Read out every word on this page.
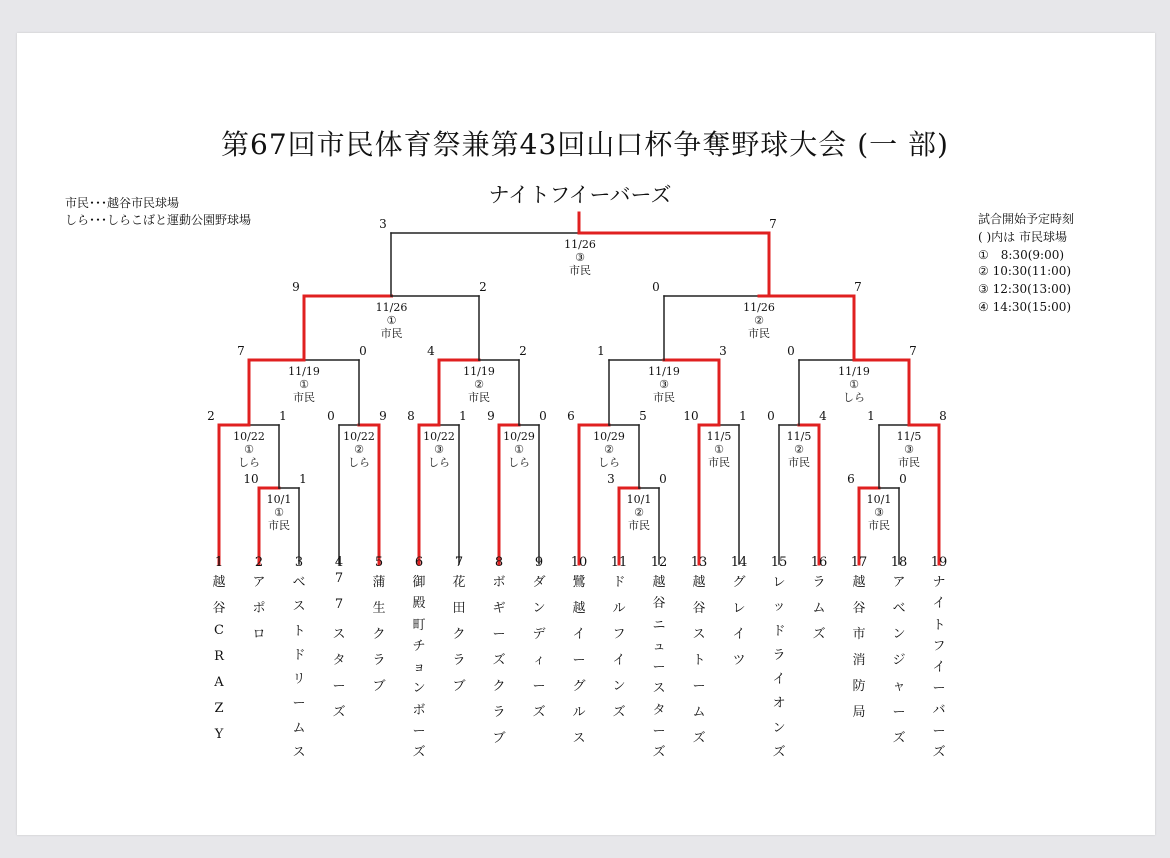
第67回市民体育祭兼第43回山口杯争奪野球大会 (一 部)
ナイトフイーバーズ
市民･･･越谷市民球場
しら･･･しらこばと運動公園野球場	試合開始予定時刻
( )内は 市民球場
①　8:30(9:00)
② 10:30(11:00)
③ 12:30(13:00)
④ 14:30(15:00)
10	1
10/1
①
市民
3	0
10/1
②
市民
6	0
10/1
③
市民
2	1
10/22
①
しら
0	9
10/22
②
しら
8	1
10/22
③
しら
9	0
10/29
①
しら
6	5
10/29
②
しら
10	1
11/5
①
市民
0	4
11/5
②
市民
1	8
11/5
③
市民
7	0
11/19
①
市民
4	2
11/19
②
市民
1	3
11/19
③
市民
0	7
11/19
①
しら
9	2
11/26
①
市民
0	7
11/26
②
市民
3	7
11/26
③
市民
1
越
谷
C
R
A
Z
Y
2
ア
ポ
ロ
3
ベ
ス
ト
ド
リ
ー
ム
ス
4
7
7
ス
タ
ー
ズ
5
蒲
生
ク
ラ
ブ
6
御
殿
町
チ
ョ
ン
ボ
ー
ズ
7
花
田
ク
ラ
ブ
8
ボ
ギ
ー
ズ
ク
ラ
ブ
9
ダ
ン
デ
ィ
ー
ズ
10
鷺
越
イ
ー
グ
ル
ス
11
ド
ル
フ
イ
ン
ズ
12
越
谷
ニ
ュ
ー
ス
タ
ー
ズ
13
越
谷
ス
ト
ー
ム
ズ
14
グ
レ
イ
ツ
15
レ
ッ
ド
ラ
イ
オ
ン
ズ
16
ラ
ム
ズ
17
越
谷
市
消
防
局
18
ア
ベ
ン
ジ
ャ
ー
ズ
19
ナ
イ
ト
フ
イ
ー
バ
ー
ズ
